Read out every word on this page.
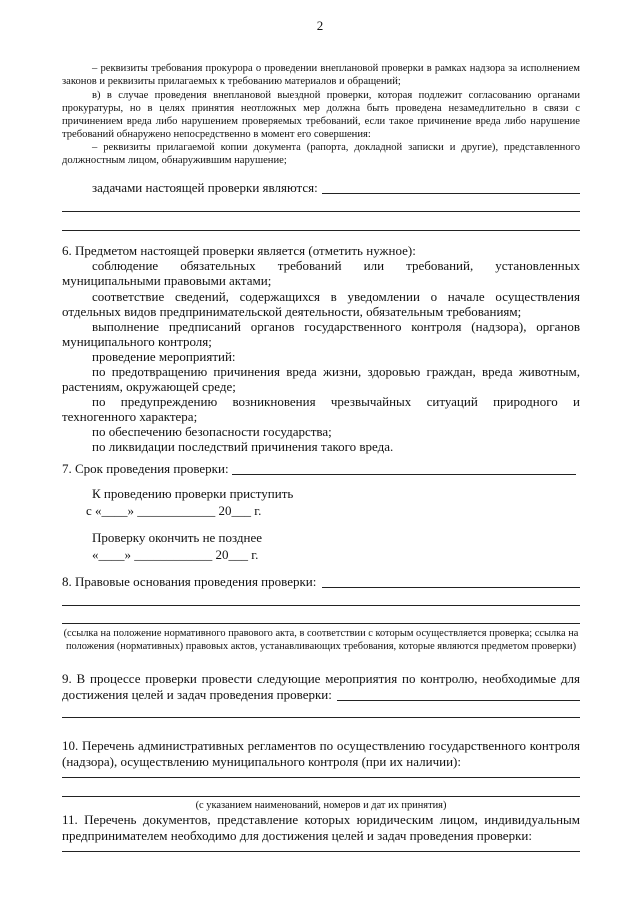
2
– реквизиты требования прокурора о проведении внеплановой проверки в рамках надзора за исполнением законов и реквизиты прилагаемых к требованию материалов и обращений;
в) в случае проведения внеплановой выездной проверки, которая подлежит согласованию органами прокуратуры, но в целях принятия неотложных мер должна быть проведена незамедлительно в связи с причинением вреда либо нарушением проверяемых требований, если такое причинение вреда либо нарушение требований обнаружено непосредственно в момент его совершения:
– реквизиты прилагаемой копии документа (рапорта, докладной записки и другие), представленного должностным лицом, обнаружившим нарушение;
задачами настоящей проверки являются:
6. Предметом настоящей проверки является (отметить нужное):
соблюдение обязательных требований или требований, установленных
муниципальными правовыми актами;
соответствие сведений, содержащихся в уведомлении о начале осуществления
отдельных видов предпринимательской деятельности, обязательным требованиям;
выполнение предписаний органов государственного контроля (надзора), органов
муниципального контроля;
проведение мероприятий:
по предотвращению причинения вреда жизни, здоровью граждан, вреда животным,
растениям, окружающей среде;
по предупреждению возникновения чрезвычайных ситуаций природного и
техногенного характера;
по обеспечению безопасности государства;
по ликвидации последствий причинения такого вреда.
7. Срок проведения проверки:
К проведению проверки приступить
с «____» ____________ 20___ г.
Проверку окончить не позднее
«____» ____________ 20___ г.
8. Правовые основания проведения проверки:
(ссылка на положение нормативного правового акта, в соответствии с которым осуществляется проверка; ссылка на положения (нормативных) правовых актов, устанавливающих требования, которые являются предметом проверки)
9. В процессе проверки провести следующие мероприятия по контролю, необходимые для
достижения целей и задач проведения проверки:
10. Перечень административных регламентов по осуществлению государственного контроля
(надзора), осуществлению муниципального контроля (при их наличии):
(с указанием наименований, номеров и дат их принятия)
11. Перечень документов, представление которых юридическим лицом, индивидуальным
предпринимателем необходимо для достижения целей и задач проведения проверки:
